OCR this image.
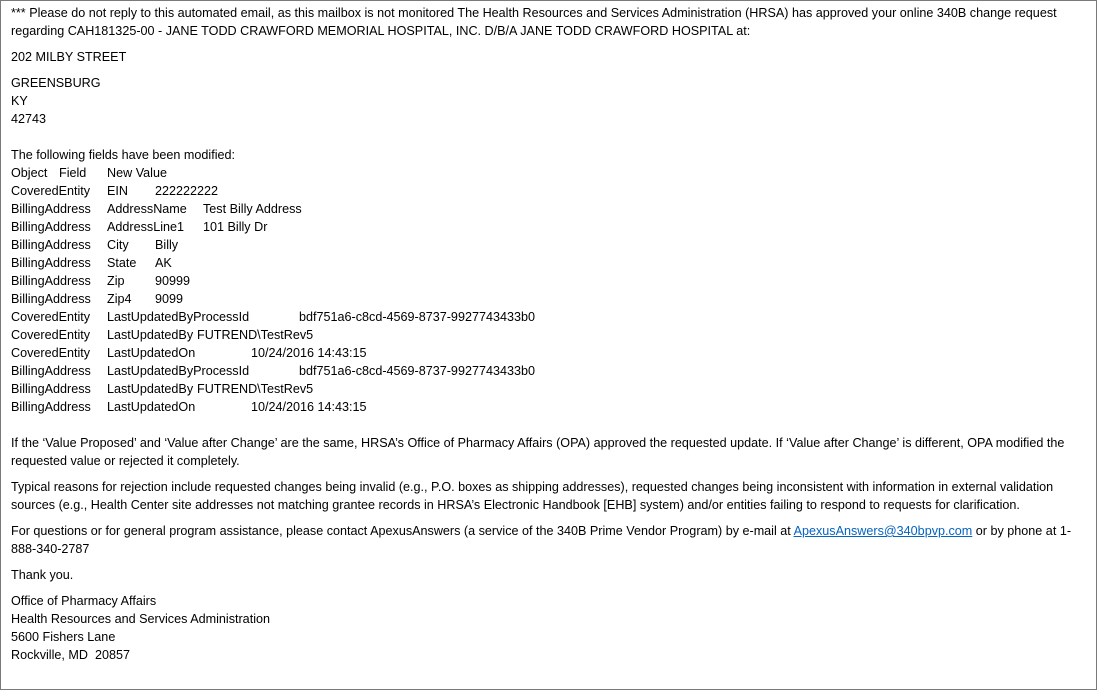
*** Please do not reply to this automated email, as this mailbox is not monitored The Health Resources and Services Administration (HRSA) has approved your online 340B change request regarding CAH181325-00 - JANE TODD CRAWFORD MEMORIAL HOSPITAL, INC. D/B/A JANE TODD CRAWFORD HOSPITAL at:

202 MILBY STREET
GREENSBURG
KY
42743
The following fields have been modified:
Object Field New Value
CoveredEntity EIN 222222222
BillingAddress AddressName Test Billy Address
BillingAddress AddressLine1 101 Billy Dr
BillingAddress City Billy
BillingAddress State AK
BillingAddress Zip 90999
BillingAddress Zip4 9099
CoveredEntity LastUpdatedByProcessId	bdf751a6-c8cd-4569-8737-9927743433b0
CoveredEntity LastUpdatedBy FUTREND\TestRev5
CoveredEntity LastUpdatedOn	10/24/2016 14:43:15
BillingAddress LastUpdatedByProcessId	bdf751a6-c8cd-4569-8737-9927743433b0
BillingAddress LastUpdatedBy FUTREND\TestRev5
BillingAddress LastUpdatedOn	10/24/2016 14:43:15

If the ‘Value Proposed’ and ‘Value after Change’ are the same, HRSA’s Office of Pharmacy Affairs (OPA) approved the requested update. If ‘Value after Change’ is different, OPA modified the requested value or rejected it completely.

Typical reasons for rejection include requested changes being invalid (e.g., P.O. boxes as shipping addresses), requested changes being inconsistent with information in external validation sources (e.g., Health Center site addresses not matching grantee records in HRSA’s Electronic Handbook [EHB] system) and/or entities failing to respond to requests for clarification.

For questions or for general program assistance, please contact ApexusAnswers (a service of the 340B Prime Vendor Program) by e-mail at ApexusAnswers@340bpvp.com or by phone at 1-888-340-2787

Thank you.
Office of Pharmacy Affairs
Health Resources and Services Administration
5600 Fishers Lane
Rockville, MD  20857
